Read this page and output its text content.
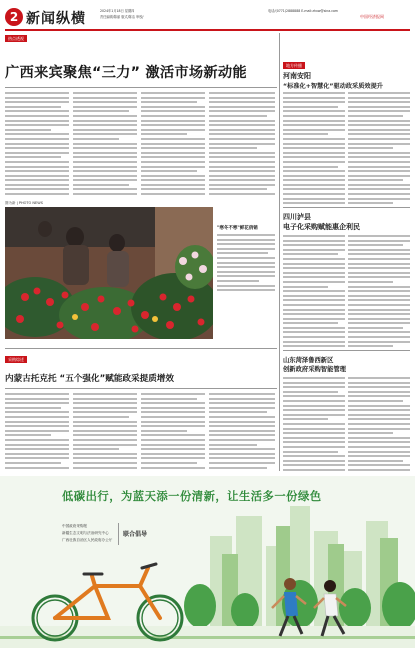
2 新闻纵横	2024年1月18日 星期四
责任编辑/陈丽 版式/陈洁 审校/
电话/(0771)2888888 E-mail:zhxw@sina.com
中国经济报网
热点透视
广西来宾聚焦“三力” 激活市场新动能
图为新 | PHOTO NEWS
"寒冬不寒"鲜花俏销
地方传播
河南安阳
“标准化+智慧化”驱动政采质效提升
四川泸县
电子化采购赋能惠企利民
山东菏泽鲁西新区
创新政府采购智能管理
采购综述
内蒙古托克托 “五个强化”赋能政采提质增效
低碳出行，为蓝天添一份清新，让生活多一份绿色
中国政府采购报
新疆生态文明与法治研究中心
广西壮族自治区人民政府办公厅
联合倡导
